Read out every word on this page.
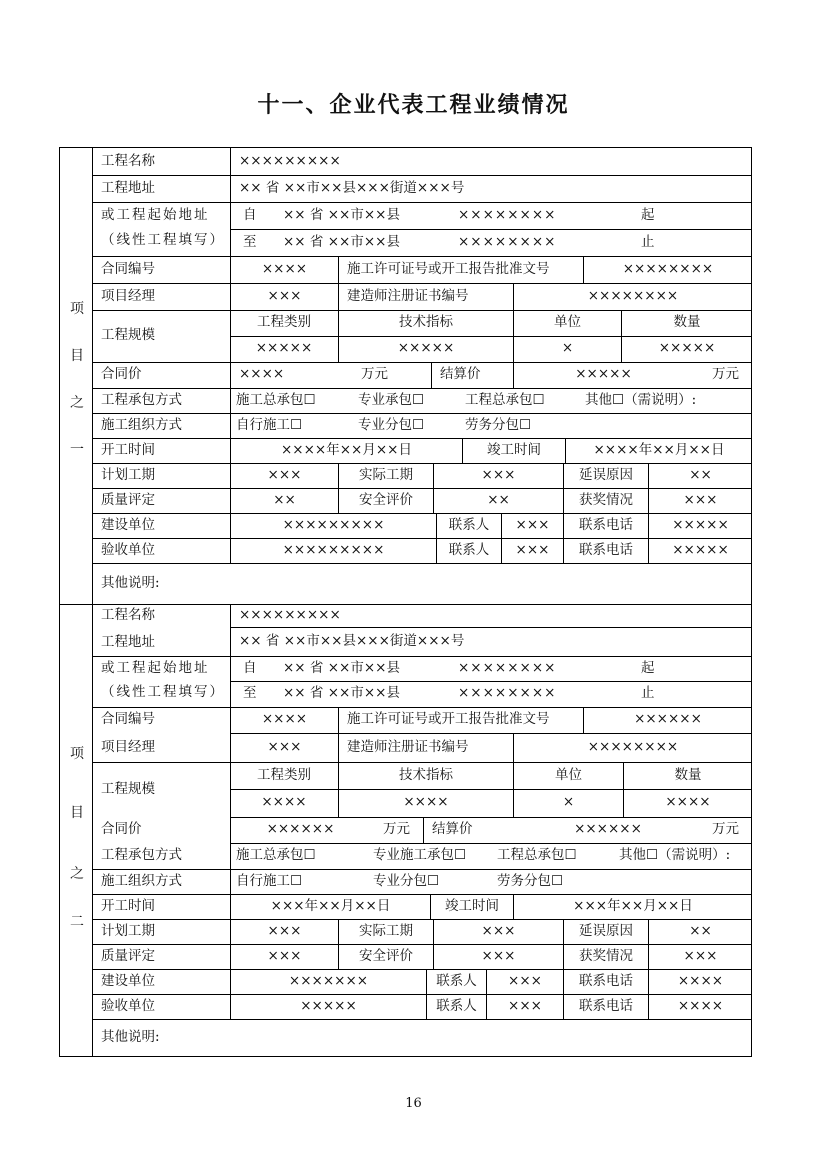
十一、企业代表工程业绩情况
项
目
之
一
工程名称	×××××××××
工程地址	×× 省 ××市××县×××街道×××号
或工程起始地址
（线性工程填写）
自	×× 省 ××市××县	××××××××	起
至	×× 省 ××市××县	××××××××	止
合同编号	××××	施工许可证号或开工报告批准文号	××××××××
项目经理	×××	建造师注册证书编号	××××××××
工程规模
工程类别	技术指标	单位	数量
×××××	×××××	×	×××××
合同价	××××	万元	结算价	×××××	万元
工程承包方式	施工总承包☐	专业承包☐	工程总承包☐	其他☐（需说明）:
施工组织方式	自行施工☐	专业分包☐	劳务分包☐
开工时间	××××年××月××日	竣工时间	××××年××月××日
计划工期	×××	实际工期	×××	延误原因	××
质量评定	××	安全评价	××	获奖情况	×××
建设单位	×××××××××	联系人	×××	联系电话	×××××
验收单位	×××××××××	联系人	×××	联系电话	×××××
其他说明:
项
目
之
二
工程名称	×××××××××
工程地址	×× 省 ××市××县×××街道×××号
或工程起始地址
（线性工程填写）
自	×× 省 ××市××县	××××××××	起
至	×× 省 ××市××县	××××××××	止
合同编号	××××	施工许可证号或开工报告批准文号	××××××
项目经理	×××	建造师注册证书编号	××××××××
工程规模
工程类别	技术指标	单位	数量
××××	××××	×	××××
合同价	××××××	万元	结算价	××××××	万元
工程承包方式	施工总承包☐	专业施工承包☐	工程总承包☐	其他☐（需说明）:
施工组织方式	自行施工☐	专业分包☐	劳务分包☐
开工时间	×××年××月××日	竣工时间	×××年××月××日
计划工期	×××	实际工期	×××	延误原因	××
质量评定	×××	安全评价	×××	获奖情况	×××
建设单位	×××××××	联系人	×××	联系电话	××××
验收单位	×××××	联系人	×××	联系电话	××××
其他说明:
16
